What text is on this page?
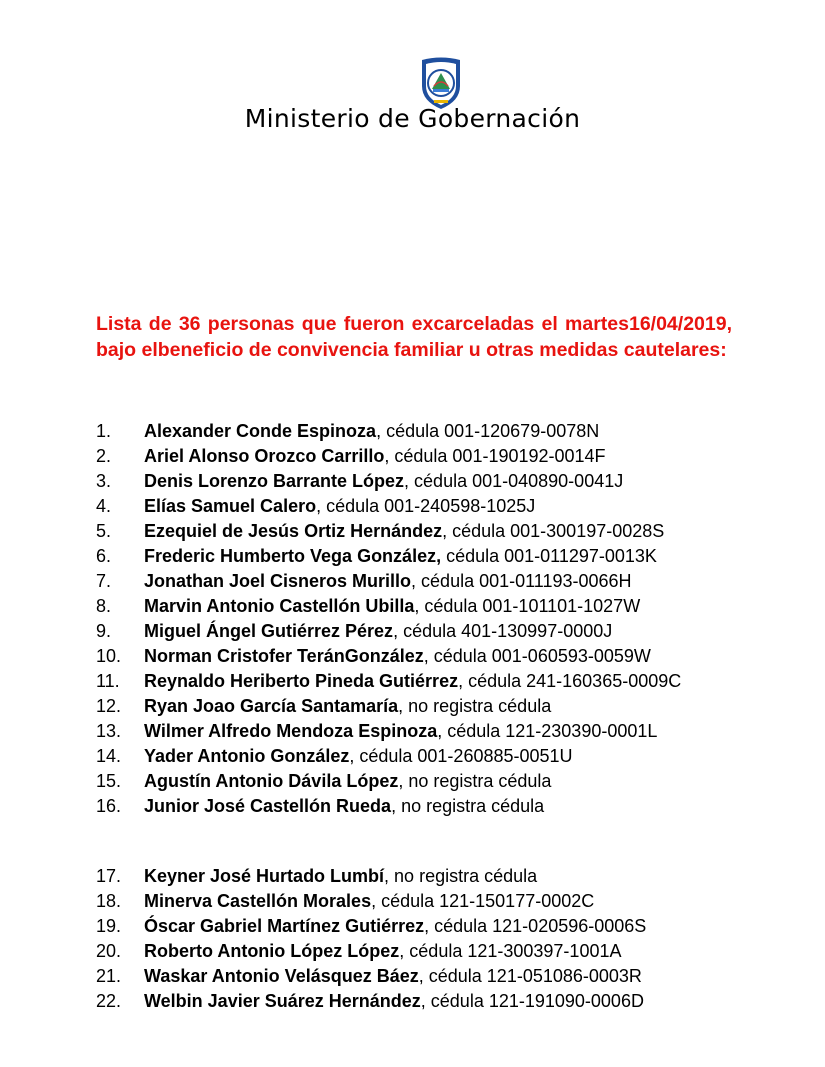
Ministerio de Gobernación
Lista de 36 personas que fueron excarceladas el martes16/04/2019, bajo elbeneficio de convivencia familiar u otras medidas cautelares:
1. Alexander Conde Espinoza, cédula 001-120679-0078N
2. Ariel Alonso Orozco Carrillo, cédula 001-190192-0014F
3. Denis Lorenzo Barrante López, cédula 001-040890-0041J
4. Elías Samuel Calero, cédula 001-240598-1025J
5. Ezequiel de Jesús Ortiz Hernández, cédula 001-300197-0028S
6. Frederic Humberto Vega González, cédula 001-011297-0013K
7. Jonathan Joel Cisneros Murillo, cédula 001-011193-0066H
8. Marvin Antonio Castellón Ubilla, cédula 001-101101-1027W
9. Miguel Ángel Gutiérrez Pérez, cédula 401-130997-0000J
10. Norman Cristofer TeránGonzález, cédula 001-060593-0059W
11. Reynaldo Heriberto Pineda Gutiérrez, cédula 241-160365-0009C
12. Ryan Joao García Santamaría, no registra cédula
13. Wilmer Alfredo Mendoza Espinoza, cédula 121-230390-0001L
14. Yader Antonio González, cédula 001-260885-0051U
15. Agustín Antonio Dávila López, no registra cédula
16. Junior José Castellón Rueda, no registra cédula
17. Keyner José Hurtado Lumbí, no registra cédula
18. Minerva Castellón Morales, cédula 121-150177-0002C
19. Óscar Gabriel Martínez Gutiérrez, cédula 121-020596-0006S
20. Roberto Antonio López López, cédula 121-300397-1001A
21. Waskar Antonio Velásquez Báez, cédula 121-051086-0003R
22. Welbin Javier Suárez Hernández, cédula 121-191090-0006D
